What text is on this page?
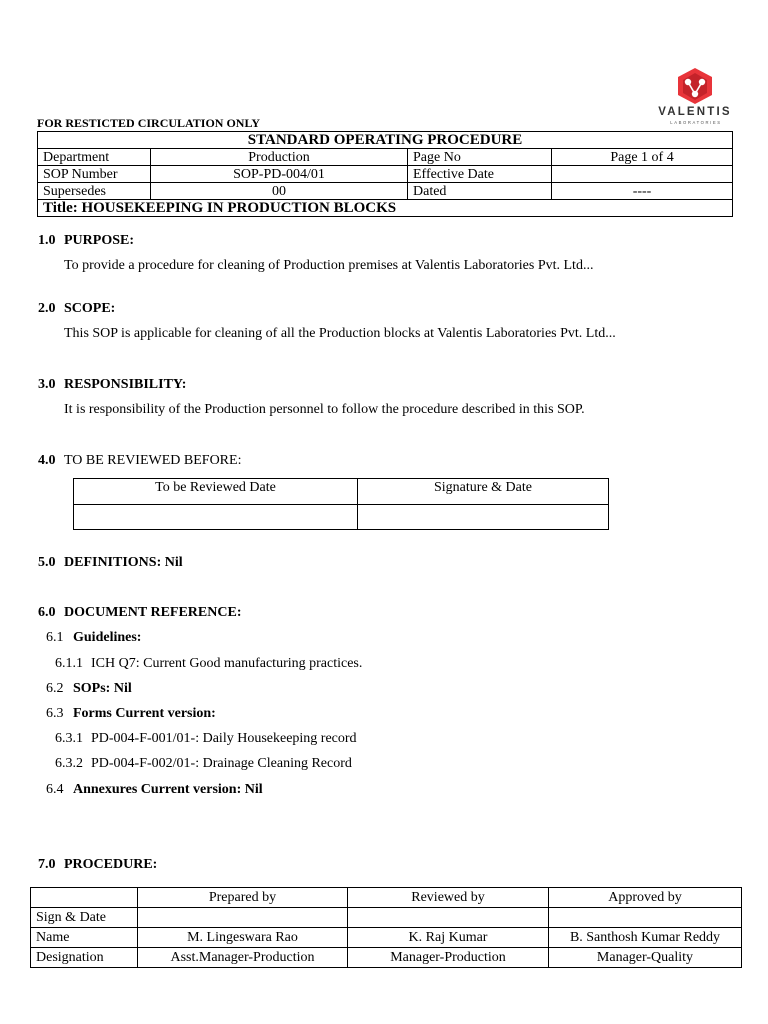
VALENTIS
LABORATORIES
FOR RESTICTED CIRCULATION ONLY
STANDARD OPERATING PROCEDURE			
Department	Production	Page No	Page 1 of 4
SOP Number	SOP-PD-004/01	Effective Date	
Supersedes	00	Dated	----
Title: HOUSEKEEPING IN PRODUCTION BLOCKS			
1.0 PURPOSE:
To provide a procedure for cleaning of Production premises at Valentis Laboratories Pvt. Ltd...
2.0 SCOPE:
This SOP is applicable for cleaning of all the Production blocks at Valentis Laboratories Pvt. Ltd...
3.0 RESPONSIBILITY:
It is responsibility of the Production personnel to follow the procedure described in this SOP.
4.0 TO BE REVIEWED BEFORE:
To be Reviewed Date	Signature & Date

5.0 DEFINITIONS: Nil
6.0 DOCUMENT REFERENCE:
6.1 Guidelines:
6.1.1 ICH Q7: Current Good manufacturing practices.
6.2 SOPs: Nil
6.3 Forms Current version:
6.3.1 PD-004-F-001/01-: Daily Housekeeping record
6.3.2 PD-004-F-002/01-: Drainage Cleaning Record
6.4 Annexures Current version: Nil
7.0 PROCEDURE:
	Prepared by	Reviewed by	Approved by
Sign & Date			
Name	M. Lingeswara Rao	K. Raj Kumar	B. Santhosh Kumar Reddy
Designation	Asst.Manager-Production	Manager-Production	Manager-Quality
